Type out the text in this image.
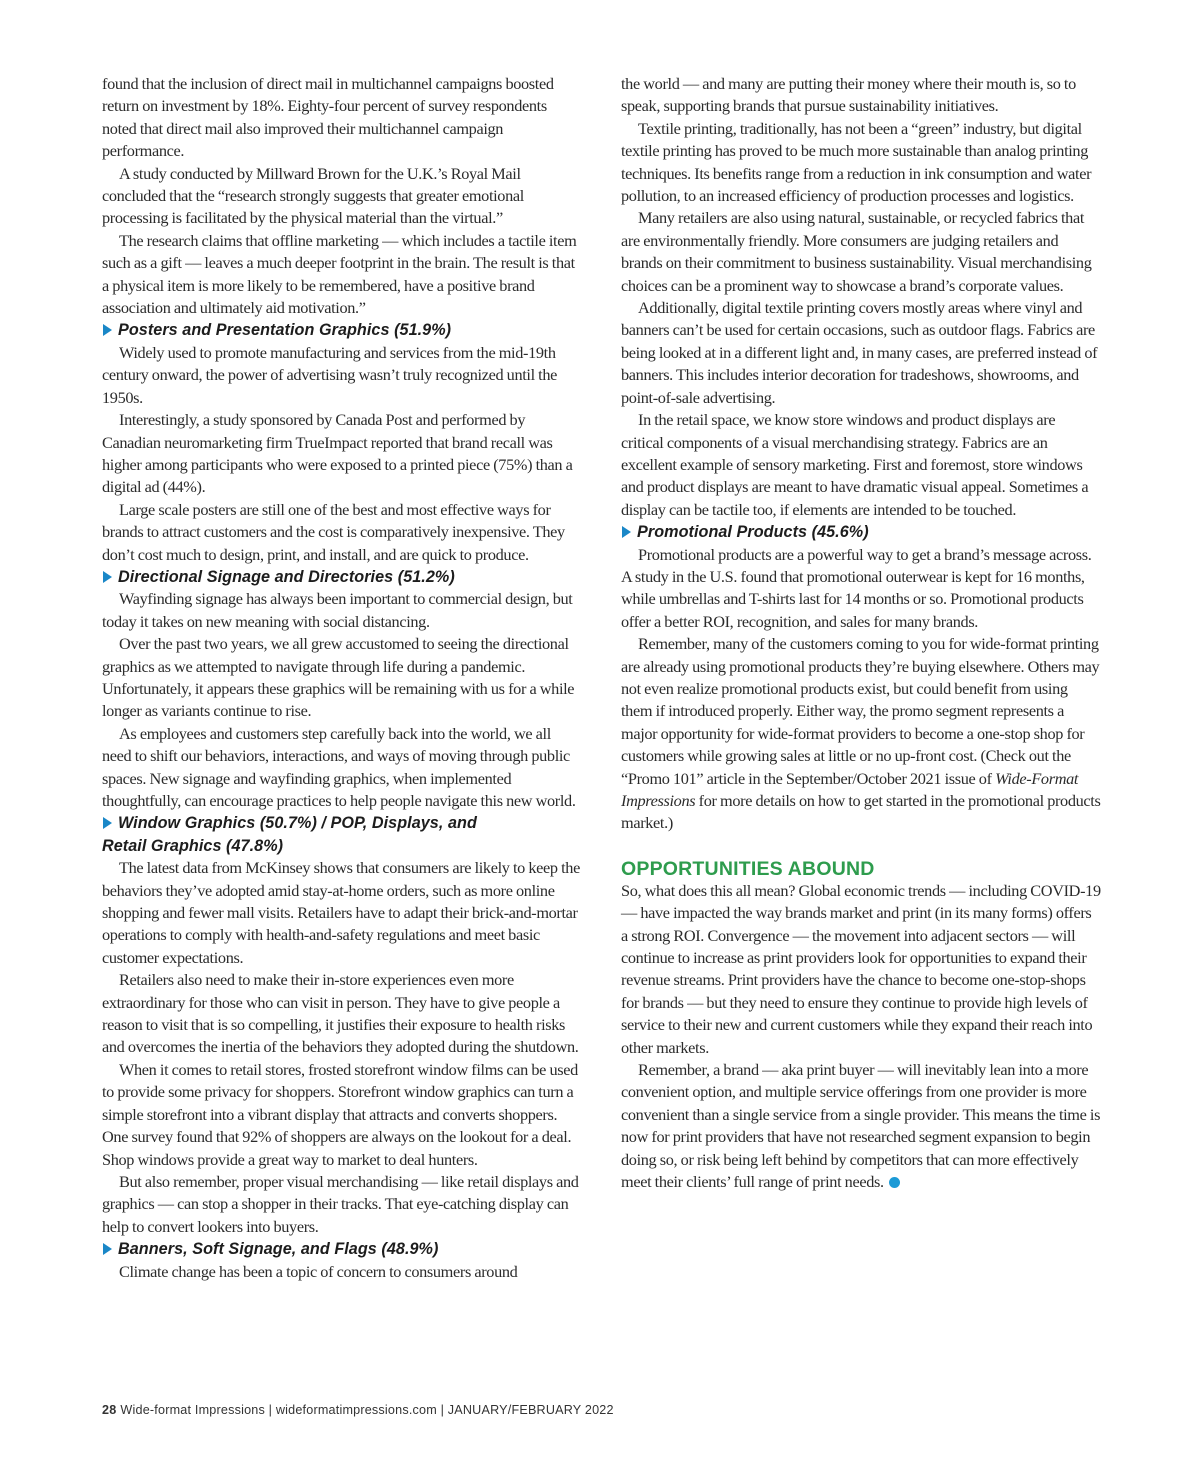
found that the inclusion of direct mail in multichannel campaigns boosted return on investment by 18%. Eighty-four percent of survey respondents noted that direct mail also improved their multichannel campaign performance.

A study conducted by Millward Brown for the U.K.’s Royal Mail concluded that the “research strongly suggests that greater emotional processing is facilitated by the physical material than the virtual.”

The research claims that offline marketing — which includes a tactile item such as a gift — leaves a much deeper footprint in the brain. The result is that a physical item is more likely to be remembered, have a positive brand association and ultimately aid motivation.”

Posters and Presentation Graphics (51.9%)

Widely used to promote manufacturing and services from the mid-19th century onward, the power of advertising wasn’t truly recognized until the 1950s.

Interestingly, a study sponsored by Canada Post and performed by Canadian neuromarketing firm TrueImpact reported that brand recall was higher among participants who were exposed to a printed piece (75%) than a digital ad (44%).

Large scale posters are still one of the best and most effective ways for brands to attract customers and the cost is comparatively inexpensive. They don’t cost much to design, print, and install, and are quick to produce.

Directional Signage and Directories (51.2%)

Wayfinding signage has always been important to commercial design, but today it takes on new meaning with social distancing.

Over the past two years, we all grew accustomed to seeing the directional graphics as we attempted to navigate through life during a pandemic. Unfortunately, it appears these graphics will be remaining with us for a while longer as variants continue to rise.

As employees and customers step carefully back into the world, we all need to shift our behaviors, interactions, and ways of moving through public spaces. New signage and wayfinding graphics, when implemented thoughtfully, can encourage practices to help people navigate this new world.

Window Graphics (50.7%) / POP, Displays, and
Retail Graphics (47.8%)

The latest data from McKinsey shows that consumers are likely to keep the behaviors they’ve adopted amid stay-at-home orders, such as more online shopping and fewer mall visits. Retailers have to adapt their brick-and-mortar operations to comply with health-and-safety regulations and meet basic customer expectations.

Retailers also need to make their in-store experiences even more extraordinary for those who can visit in person. They have to give people a reason to visit that is so compelling, it justifies their exposure to health risks and overcomes the inertia of the behaviors they adopted during the shutdown.

When it comes to retail stores, frosted storefront window films can be used to provide some privacy for shoppers. Storefront window graphics can turn a simple storefront into a vibrant display that attracts and converts shoppers. One survey found that 92% of shoppers are always on the lookout for a deal. Shop windows provide a great way to market to deal hunters.

But also remember, proper visual merchandising — like retail displays and graphics — can stop a shopper in their tracks. That eye-catching display can help to convert lookers into buyers.

Banners, Soft Signage, and Flags (48.9%)

Climate change has been a topic of concern to consumers around

the world — and many are putting their money where their mouth is, so to speak, supporting brands that pursue sustainability initiatives.

Textile printing, traditionally, has not been a “green” industry, but digital textile printing has proved to be much more sustainable than analog printing techniques. Its benefits range from a reduction in ink consumption and water pollution, to an increased efficiency of production processes and logistics.

Many retailers are also using natural, sustainable, or recycled fabrics that are environmentally friendly. More consumers are judging retailers and brands on their commitment to business sustainability. Visual merchandising choices can be a prominent way to showcase a brand’s corporate values.

Additionally, digital textile printing covers mostly areas where vinyl and banners can’t be used for certain occasions, such as outdoor flags. Fabrics are being looked at in a different light and, in many cases, are preferred instead of banners. This includes interior decoration for tradeshows, showrooms, and point-of-sale advertising.

In the retail space, we know store windows and product displays are critical components of a visual merchandising strategy. Fabrics are an excellent example of sensory marketing. First and foremost, store windows and product displays are meant to have dramatic visual appeal. Sometimes a display can be tactile too, if elements are intended to be touched.

Promotional Products (45.6%)

Promotional products are a powerful way to get a brand’s message across. A study in the U.S. found that promotional outerwear is kept for 16 months, while umbrellas and T-shirts last for 14 months or so. Promotional products offer a better ROI, recognition, and sales for many brands.

Remember, many of the customers coming to you for wide-format printing are already using promotional products they’re buying elsewhere. Others may not even realize promotional products exist, but could benefit from using them if introduced properly. Either way, the promo segment represents a major opportunity for wide-format providers to become a one-stop shop for customers while growing sales at little or no up-front cost. (Check out the “Promo 101” article in the September/October 2021 issue of Wide-Format Impressions for more details on how to get started in the promotional products market.)

OPPORTUNITIES ABOUND

So, what does this all mean? Global economic trends — including COVID-19 — have impacted the way brands market and print (in its many forms) offers a strong ROI. Convergence — the movement into adjacent sectors — will continue to increase as print providers look for opportunities to expand their revenue streams. Print providers have the chance to become one-stop-shops for brands — but they need to ensure they continue to provide high levels of service to their new and current customers while they expand their reach into other markets.

Remember, a brand — aka print buyer — will inevitably lean into a more convenient option, and multiple service offerings from one provider is more convenient than a single service from a single provider. This means the time is now for print providers that have not researched segment expansion to begin doing so, or risk being left behind by competitors that can more effectively meet their clients’ full range of print needs.

28 Wide-format Impressions | wideformatimpressions.com | JANUARY/FEBRUARY 2022
